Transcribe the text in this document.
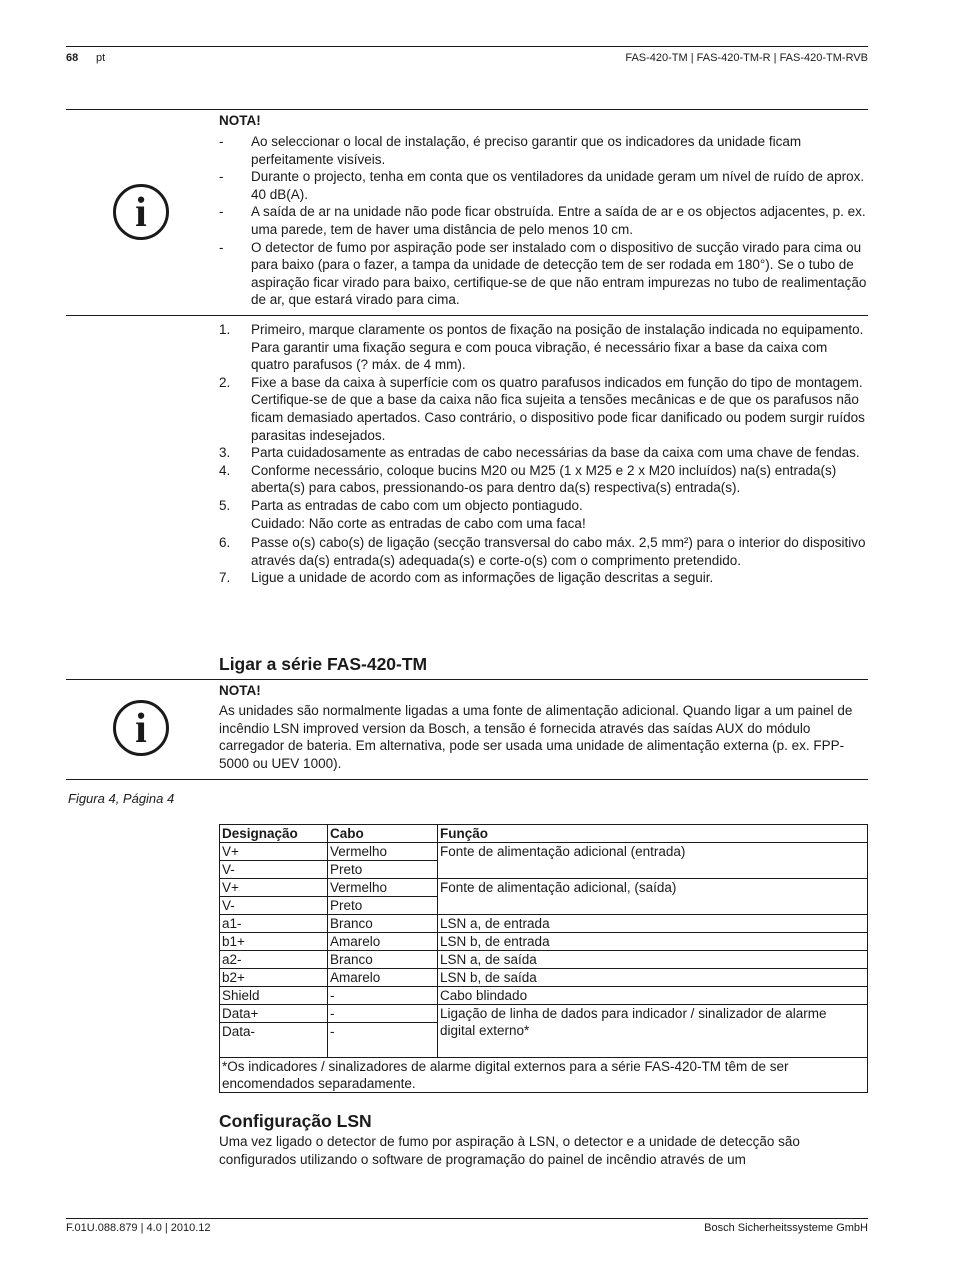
68 pt	FAS-420-TM | FAS-420-TM-R | FAS-420-TM-RVB
i
NOTA!
- Ao seleccionar o local de instalação, é preciso garantir que os indicadores da unidade ficam perfeitamente visíveis.
- Durante o projecto, tenha em conta que os ventiladores da unidade geram um nível de ruído de aprox. 40 dB(A).
- A saída de ar na unidade não pode ficar obstruída. Entre a saída de ar e os objectos adjacentes, p. ex. uma parede, tem de haver uma distância de pelo menos 10 cm.
- O detector de fumo por aspiração pode ser instalado com o dispositivo de sucção virado para cima ou para baixo (para o fazer, a tampa da unidade de detecção tem de ser rodada em 180°). Se o tubo de aspiração ficar virado para baixo, certifique-se de que não entram impurezas no tubo de realimentação de ar, que estará virado para cima.
1. Primeiro, marque claramente os pontos de fixação na posição de instalação indicada no equipamento. Para garantir uma fixação segura e com pouca vibração, é necessário fixar a base da caixa com quatro parafusos (? máx. de 4 mm).
2. Fixe a base da caixa à superfície com os quatro parafusos indicados em função do tipo de montagem. Certifique-se de que a base da caixa não fica sujeita a tensões mecânicas e de que os parafusos não ficam demasiado apertados. Caso contrário, o dispositivo pode ficar danificado ou podem surgir ruídos parasitas indesejados.
3. Parta cuidadosamente as entradas de cabo necessárias da base da caixa com uma chave de fendas.
4. Conforme necessário, coloque bucins M20 ou M25 (1 x M25 e 2 x M20 incluídos) na(s) entrada(s) aberta(s) para cabos, pressionando-os para dentro da(s) respectiva(s) entrada(s).
5. Parta as entradas de cabo com um objecto pontiagudo.
Cuidado: Não corte as entradas de cabo com uma faca!
6. Passe o(s) cabo(s) de ligação (secção transversal do cabo máx. 2,5 mm²) para o interior do dispositivo através da(s) entrada(s) adequada(s) e corte-o(s) com o comprimento pretendido.
7. Ligue a unidade de acordo com as informações de ligação descritas a seguir.
Ligar a série FAS-420-TM
i
NOTA!
As unidades são normalmente ligadas a uma fonte de alimentação adicional. Quando ligar a um painel de incêndio LSN improved version da Bosch, a tensão é fornecida através das saídas AUX do módulo carregador de bateria. Em alternativa, pode ser usada uma unidade de alimentação externa (p. ex. FPP-5000 ou UEV 1000).
Figura 4, Página 4
Designação	Cabo	Função
V+	Vermelho	Fonte de alimentação adicional (entrada)
V-	Preto	
V+	Vermelho	Fonte de alimentação adicional, (saída)
V-	Preto	
a1-	Branco	LSN a, de entrada
b1+	Amarelo	LSN b, de entrada
a2-	Branco	LSN a, de saída
b2+	Amarelo	LSN b, de saída
Shield	-	Cabo blindado
Data+	-	Ligação de linha de dados para indicador / sinalizador de alarme digital externo*
Data-	-	
*Os indicadores / sinalizadores de alarme digital externos para a série FAS-420-TM têm de ser encomendados separadamente.		
Configuração LSN
Uma vez ligado o detector de fumo por aspiração à LSN, o detector e a unidade de detecção são configurados utilizando o software de programação do painel de incêndio através de um
F.01U.088.879 | 4.0 | 2010.12	Bosch Sicherheitssysteme GmbH
